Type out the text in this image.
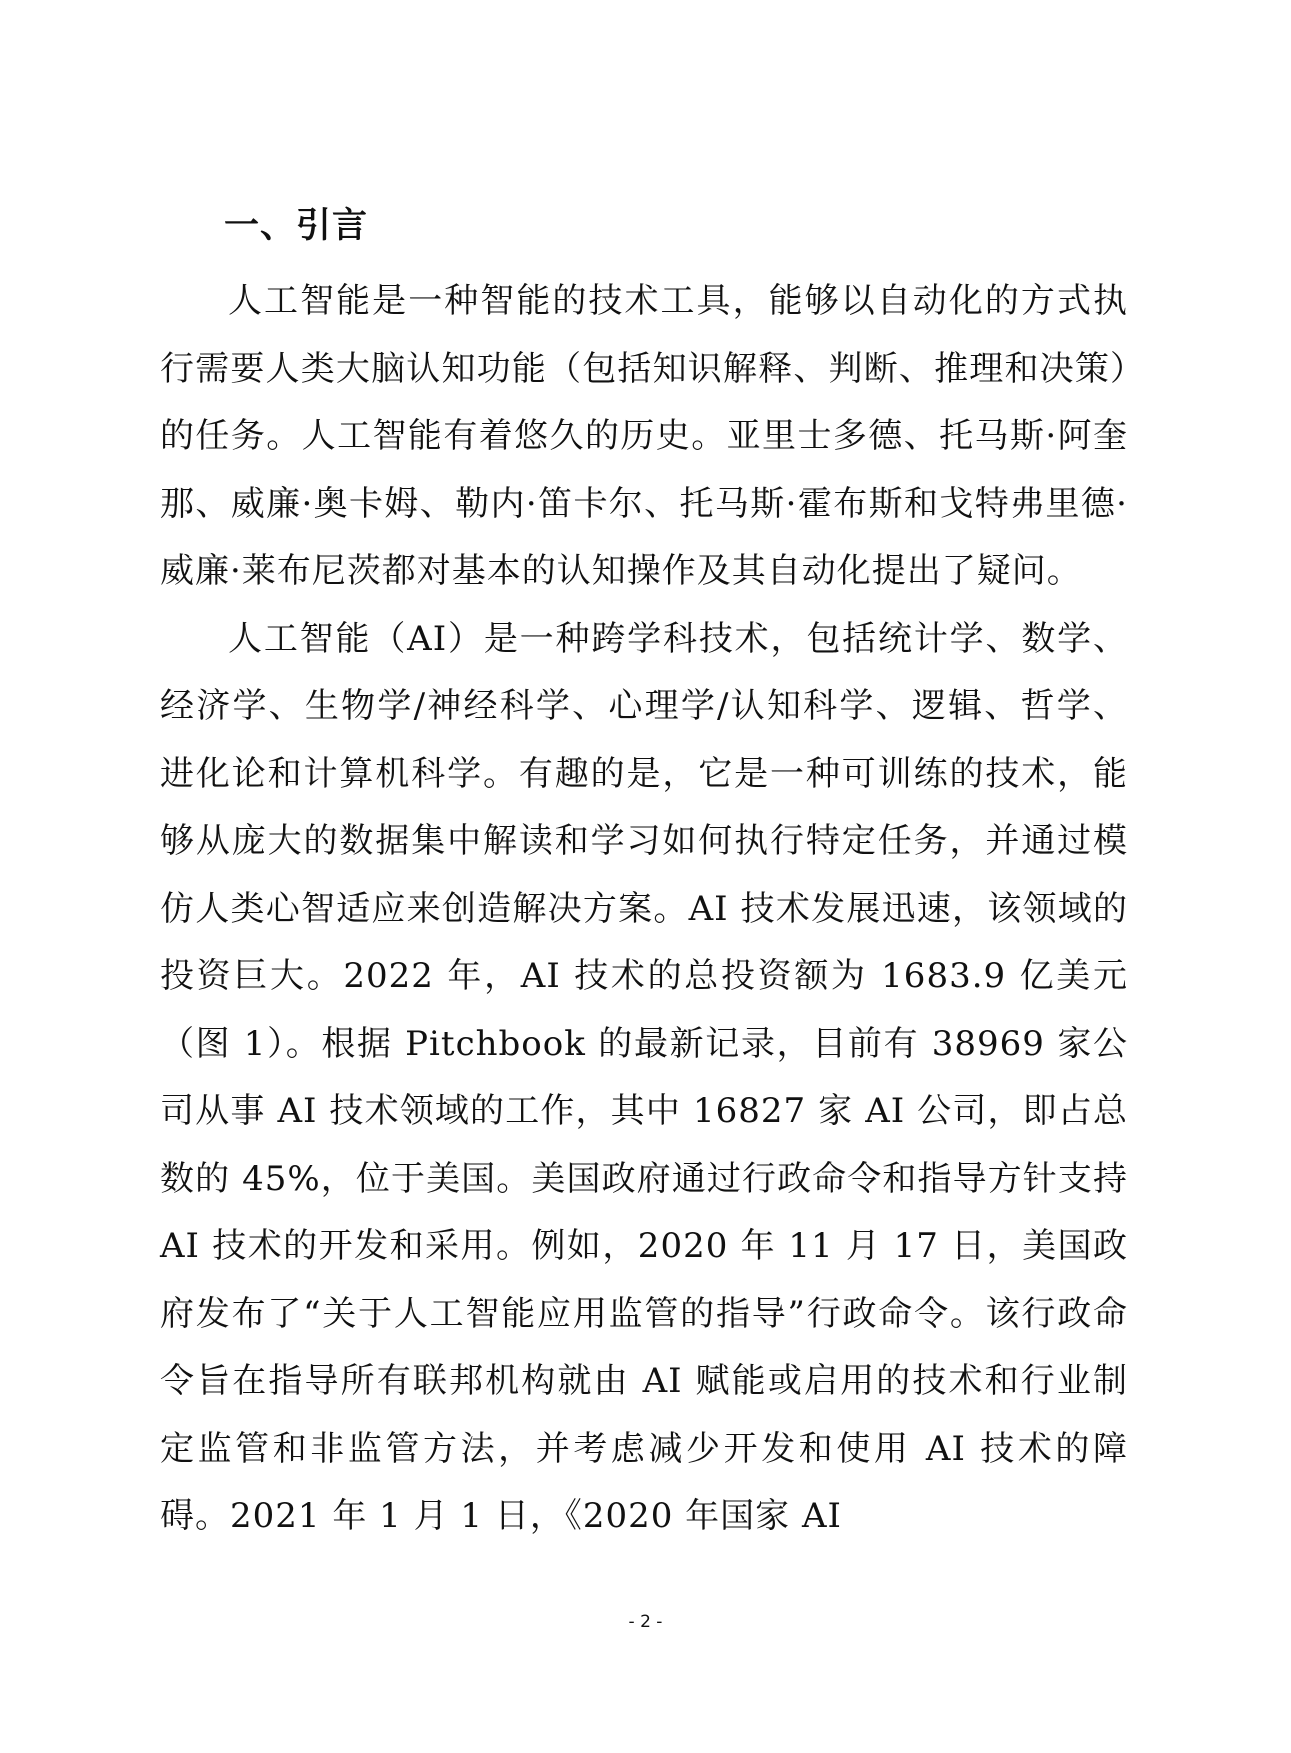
一、引言

人工智能是一种智能的技术工具，能够以自动化的方式执行需要人类大脑认知功能（包括知识解释、判断、推理和决策）的任务。人工智能有着悠久的历史。亚里士多德、托马斯·阿奎那、威廉·奥卡姆、勒内·笛卡尔、托马斯·霍布斯和戈特弗里德·威廉·莱布尼茨都对基本的认知操作及其自动化提出了疑问。

人工智能（AI）是一种跨学科技术，包括统计学、数学、经济学、生物学/神经科学、心理学/认知科学、逻辑、哲学、进化论和计算机科学。有趣的是，它是一种可训练的技术，能够从庞大的数据集中解读和学习如何执行特定任务，并通过模仿人类心智适应来创造解决方案。AI 技术发展迅速，该领域的投资巨大。2022 年，AI 技术的总投资额为 1683.9 亿美元（图 1）。根据 Pitchbook 的最新记录，目前有 38969 家公司从事 AI 技术领域的工作，其中 16827 家 AI 公司，即占总数的 45%，位于美国。美国政府通过行政命令和指导方针支持 AI 技术的开发和采用。例如，2020 年 11 月 17 日，美国政府发布了“关于人工智能应用监管的指导”行政命令。该行政命令旨在指导所有联邦机构就由 AI 赋能或启用的技术和行业制定监管和非监管方法，并考虑减少开发和使用 AI 技术的障碍。2021 年 1 月 1 日，《2020 年国家 AI

- 2 -
